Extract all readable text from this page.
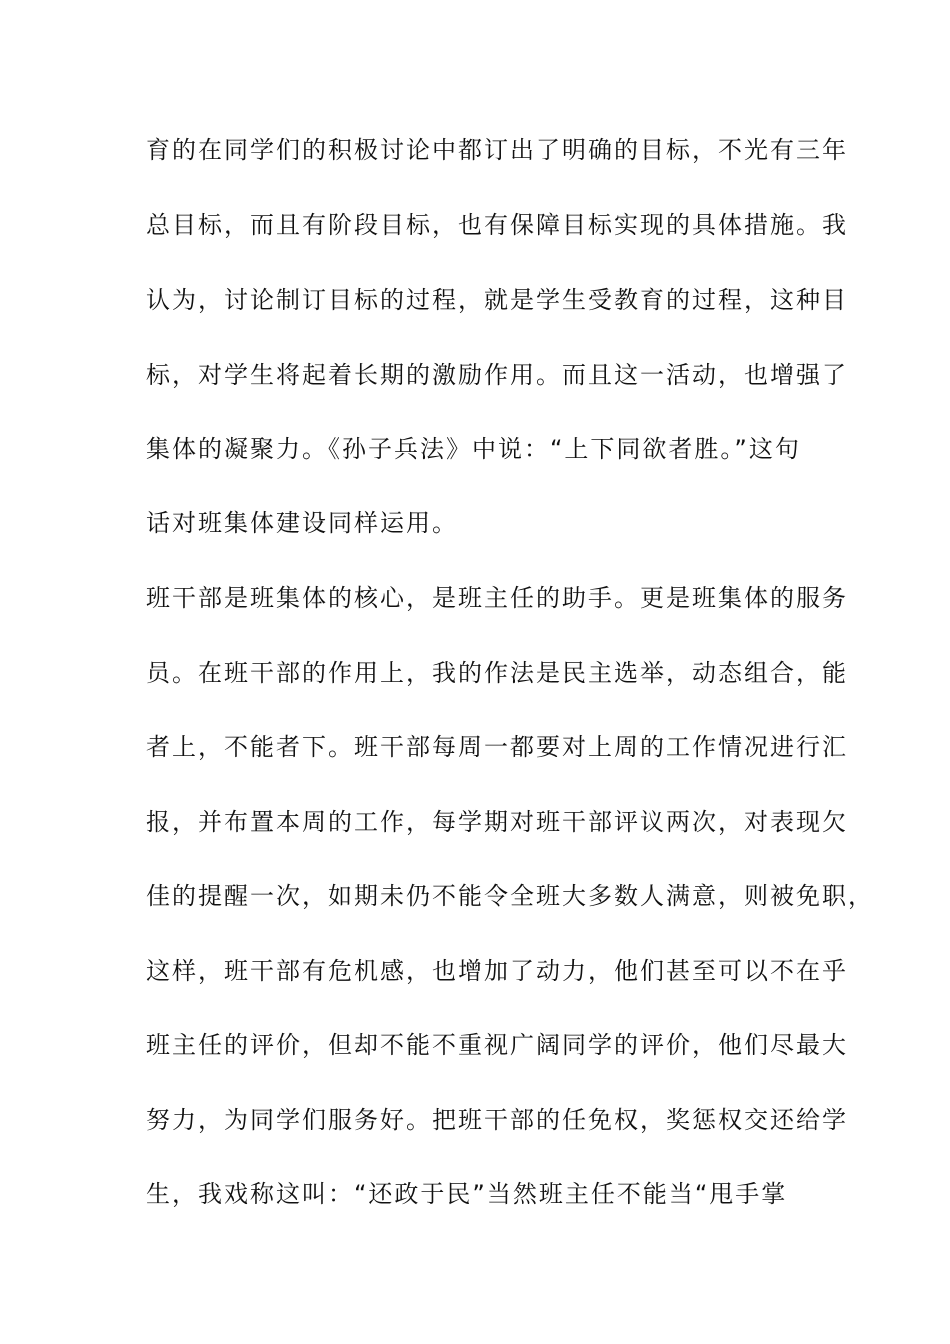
育的在同学们的积极讨论中都订出了明确的目标，不光有三年
总目标，而且有阶段目标，也有保障目标实现的具体措施。我
认为，讨论制订目标的过程，就是学生受教育的过程，这种目
标，对学生将起着长期的激励作用。而且这一活动，也增强了
集体的凝聚力。《孙子兵法》中说：“上下同欲者胜。”这句
话对班集体建设同样运用。
班干部是班集体的核心，是班主任的助手。更是班集体的服务
员。在班干部的作用上，我的作法是民主选举，动态组合，能
者上，不能者下。班干部每周一都要对上周的工作情况进行汇
报，并布置本周的工作，每学期对班干部评议两次，对表现欠
佳的提醒一次，如期未仍不能令全班大多数人满意，则被免职，
这样，班干部有危机感，也增加了动力，他们甚至可以不在乎
班主任的评价，但却不能不重视广阔同学的评价，他们尽最大
努力，为同学们服务好。把班干部的任免权，奖惩权交还给学
生，我戏称这叫：“还政于民”当然班主任不能当“甩手掌
